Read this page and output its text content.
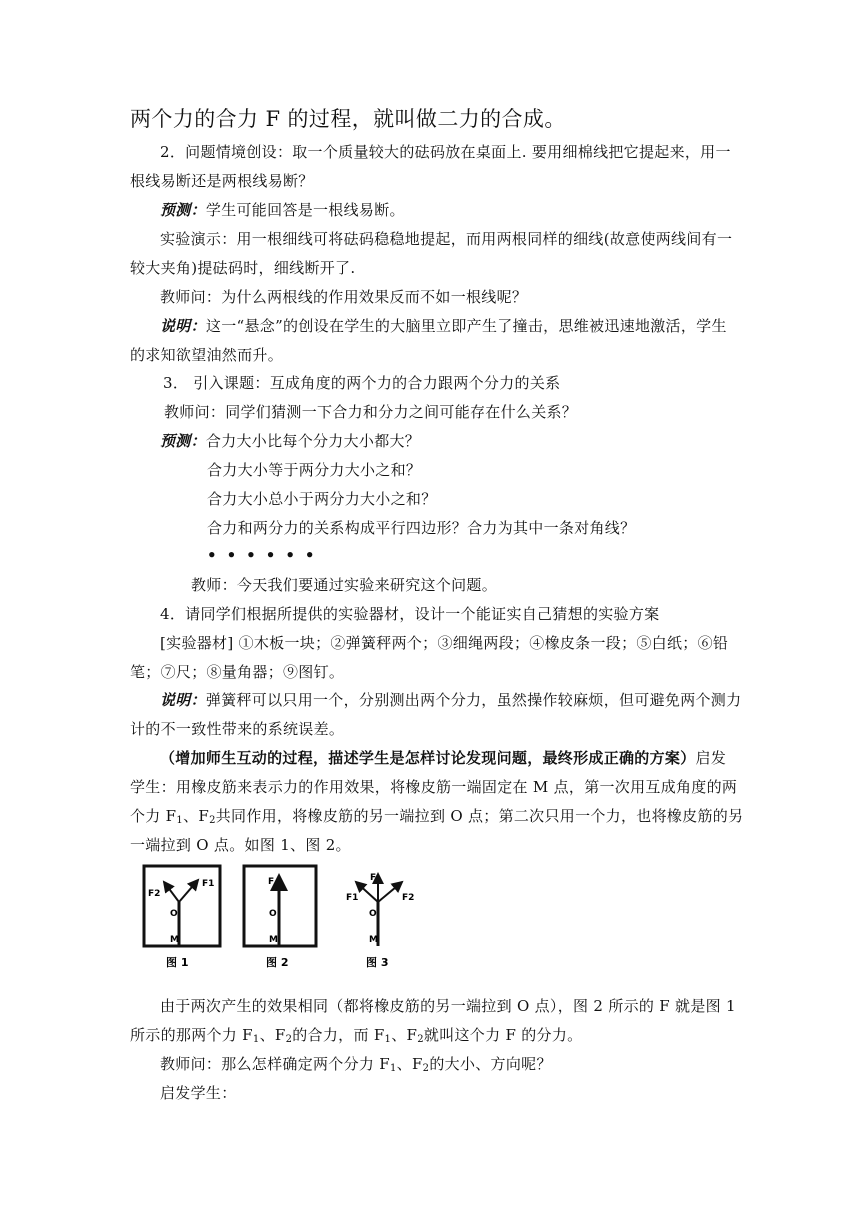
两个力的合力 F 的过程，就叫做二力的合成。
2．问题情境创设：取一个质量较大的砝码放在桌面上. 要用细棉线把它提起来，用一
根线易断还是两根线易断？
预测：学生可能回答是一根线易断。
实验演示：用一根细线可将砝码稳稳地提起，而用两根同样的细线(故意使两线间有一
较大夹角)提砝码时，细线断开了.
教师问：为什么两根线的作用效果反而不如一根线呢？
说明：这一“悬念”的创设在学生的大脑里立即产生了撞击，思维被迅速地激活，学生
的求知欲望油然而升。
3． 引入课题：互成角度的两个力的合力跟两个分力的关系
教师问：同学们猜测一下合力和分力之间可能存在什么关系？
预测：合力大小比每个分力大小都大？
合力大小等于两分力大小之和？
合力大小总小于两分力大小之和？
合力和两分力的关系构成平行四边形？合力为其中一条对角线？
••••••
教师：今天我们要通过实验来研究这个问题。
4．请同学们根据所提供的实验器材，设计一个能证实自己猜想的实验方案
[实验器材] ①木板一块；②弹簧秤两个；③细绳两段；④橡皮条一段；⑤白纸；⑥铅
笔；⑦尺；⑧量角器；⑨图钉。
说明：弹簧秤可以只用一个，分别测出两个分力，虽然操作较麻烦，但可避免两个测力
计的不一致性带来的系统误差。
（增加师生互动的过程，描述学生是怎样讨论发现问题，最终形成正确的方案）启发
学生：用橡皮筋来表示力的作用效果，将橡皮筋一端固定在 M 点，第一次用互成角度的两
个力 $F_1$、$F_2$共同作用，将橡皮筋的另一端拉到 O 点；第二次只用一个力，也将橡皮筋的另
一端拉到 O 点。如图 1、图 2。
F2
F1
O
M
图 1
F
O
M
图 2
F
F1	F2
O
M
图 3
由于两次产生的效果相同（都将橡皮筋的另一端拉到 O 点），图 2 所示的 F 就是图 1
所示的那两个力 $F_1$、$F_2$的合力，而 $F_1$、$F_2$就叫这个力 F 的分力。
教师问：那么怎样确定两个分力 $F_1$、$F_2$的大小、方向呢？
启发学生：
